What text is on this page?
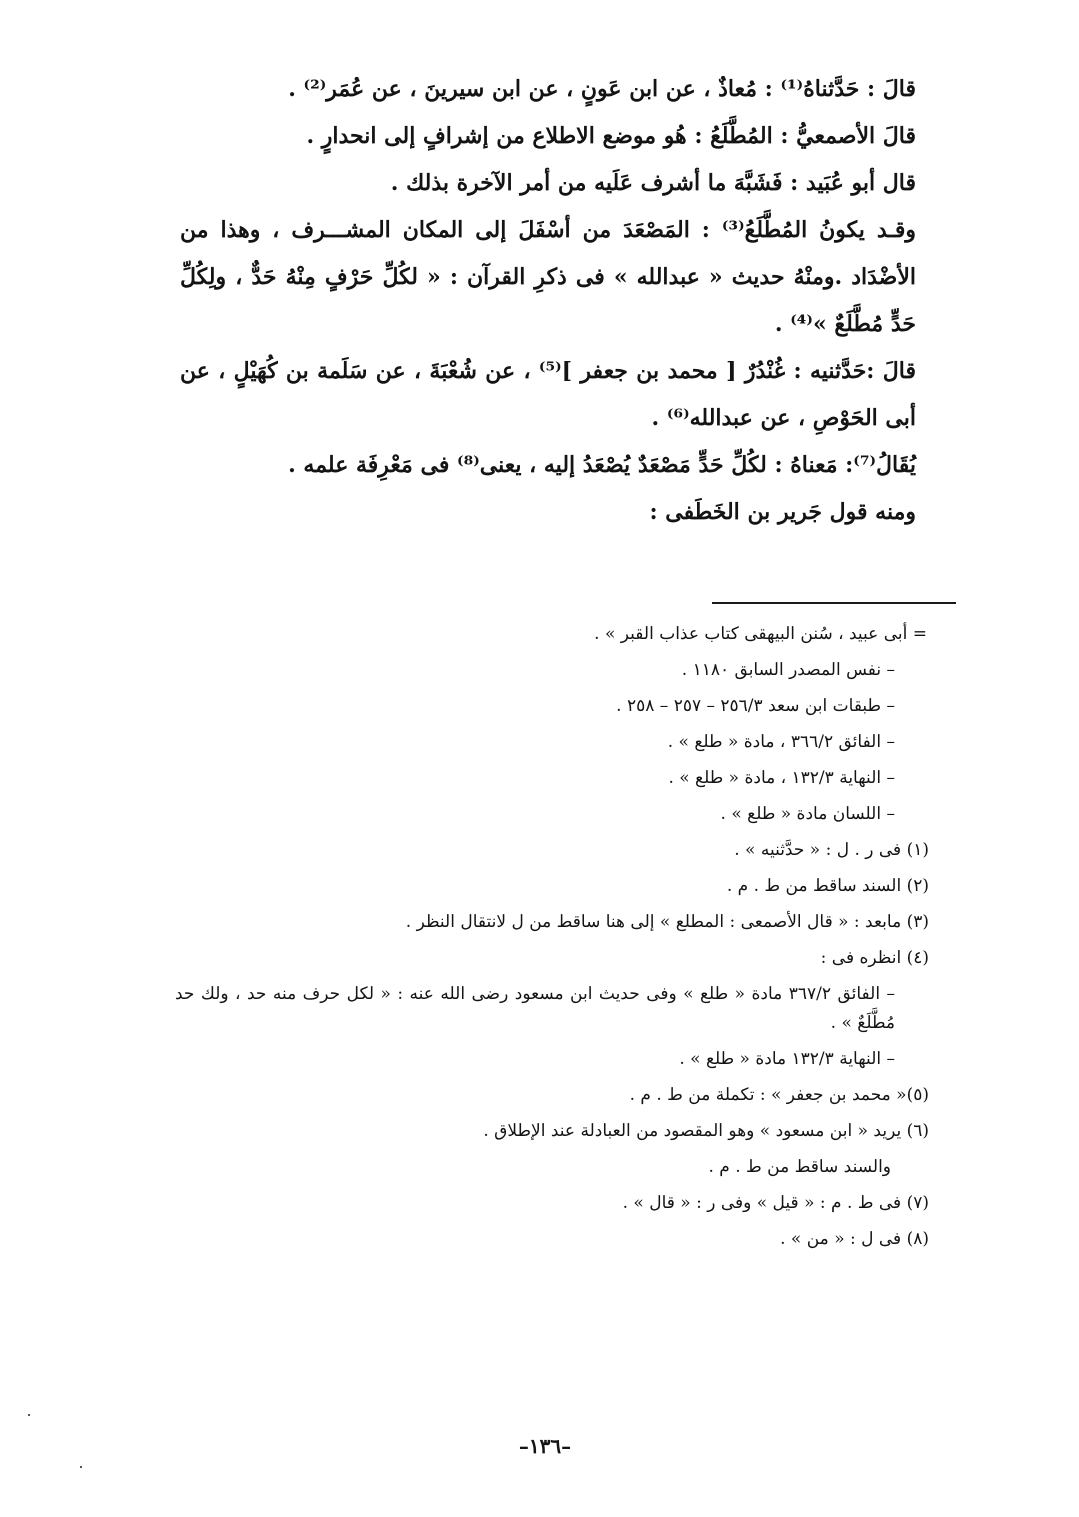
قالَ : حَدَّثناهُ⁽¹⁾ : مُعاذٌ ، عن ابن عَونٍ ، عن ابن سيرينَ ، عن عُمَر⁽²⁾ .

قالَ الأصمعيُّ : المُطَّلَعُ : هُو موضع الاطلاع من إشرافٍ إلى انحدارٍ .

قال أبو عُبَيد : فَشَبَّهَ ما أشرف عَلَيه من أمر الآخرة بذلك .

وقـد يكونُ المُطَّلَعُ⁽³⁾ : المَصْعَدَ من أسْفَلَ إلى المكان المشـــرف ، وهذا من الأضْدَاد .ومنْهُ حديث « عبدالله » فى ذكرِ القرآن : « لكُلِّ حَرْفٍ مِنْهُ حَدٌّ ، ولِكُلِّ حَدٍّ مُطَّلَعٌ »⁽⁴⁾ .

قالَ :حَدَّثنيه : غُنْدُرٌ [ محمد بن جعفر ]⁽⁵⁾ ، عن شُعْبَةَ ، عن سَلَمة بن كُهَيْلٍ ، عن أبى الحَوْصِ ، عن عبدالله⁽⁶⁾ .

يُقَالُ⁽⁷⁾: مَعناهُ : لكُلِّ حَدٍّ مَصْعَدٌ يُصْعَدُ إليه ، يعنى⁽⁸⁾ فى مَعْرِفَة علمه .

ومنه قول جَرير بن الخَطَفى :

= أبى عبيد ، سُنن البيهقى كتاب عذاب القبر » .

– نفس المصدر السابق ١١٨٠ .

– طبقات ابن سعد ٢٥٦/٣ – ٢٥٧ – ٢٥٨ .

– الفائق ٣٦٦/٢ ، مادة « طلع » .

– النهاية ١٣٢/٣ ، مادة « طلع » .

– اللسان مادة « طلع » .

(١) فى ر . ل : « حدَّثنيه » .

(٢) السند ساقط من ط . م .

(٣) مابعد : « قال الأصمعى : المطلع » إلى هنا ساقط من ل لانتقال النظر .

(٤) انظره فى :

– الفائق ٣٦٧/٢ مادة « طلع » وفى حديث ابن مسعود رضى الله عنه : « لكل حرف منه حد ، ولك حد مُطَّلَعٌ » .

– النهاية ١٣٢/٣ مادة « طلع » .

(٥)« محمد بن جعفر » : تكملة من ط . م .

(٦) يريد « ابن مسعود » وهو المقصود من العبادلة عند الإطلاق .

والسند ساقط من ط . م .

(٧) فى ط . م : « قيل » وفى ر : « قال » .

(٨) فى ل : « من » .

–١٣٦–
